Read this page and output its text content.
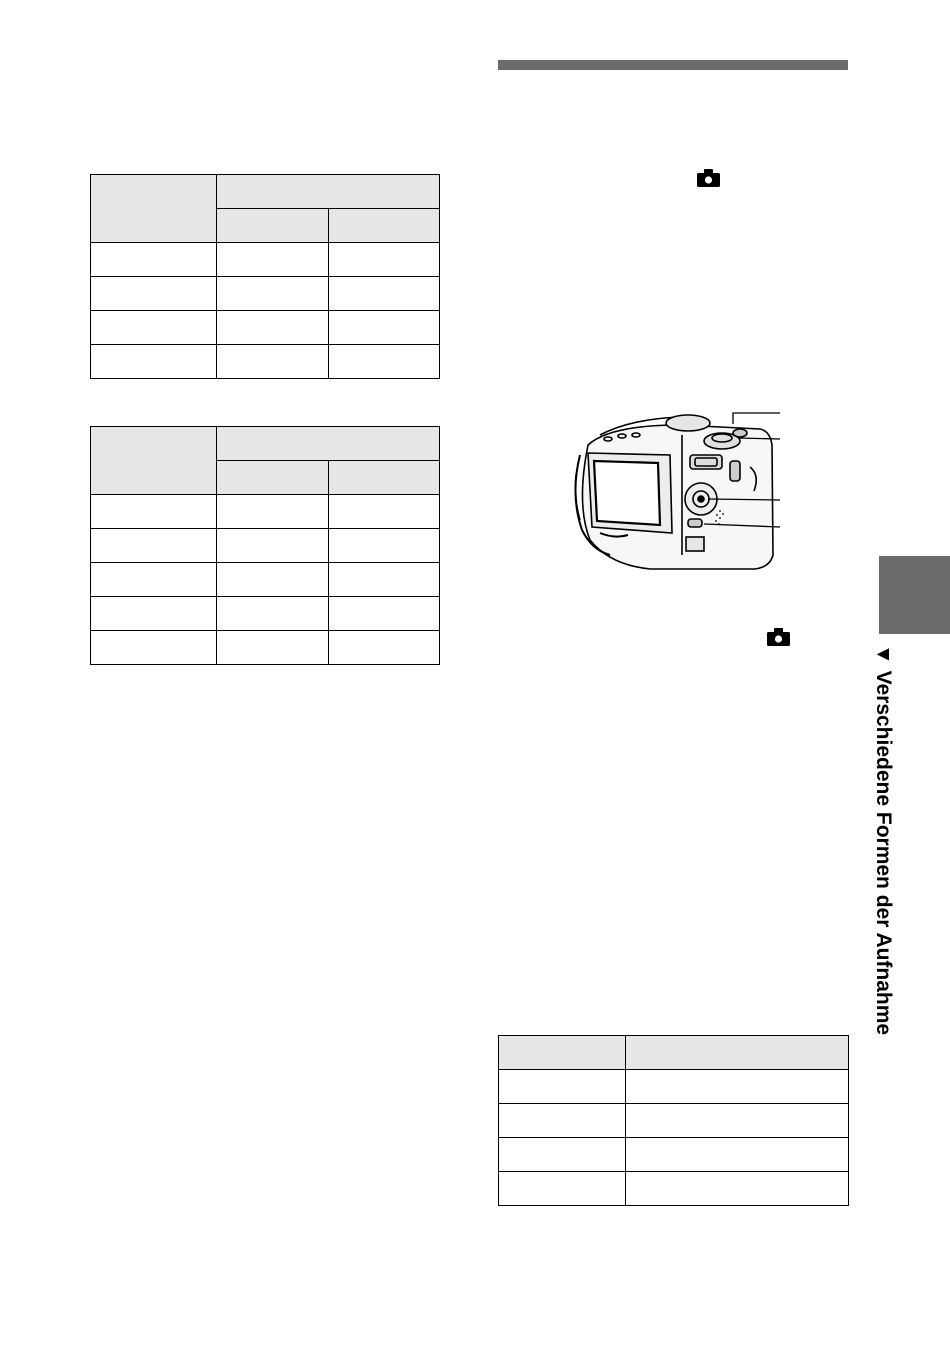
▼ Verschiedene Formen der Aufnahme
